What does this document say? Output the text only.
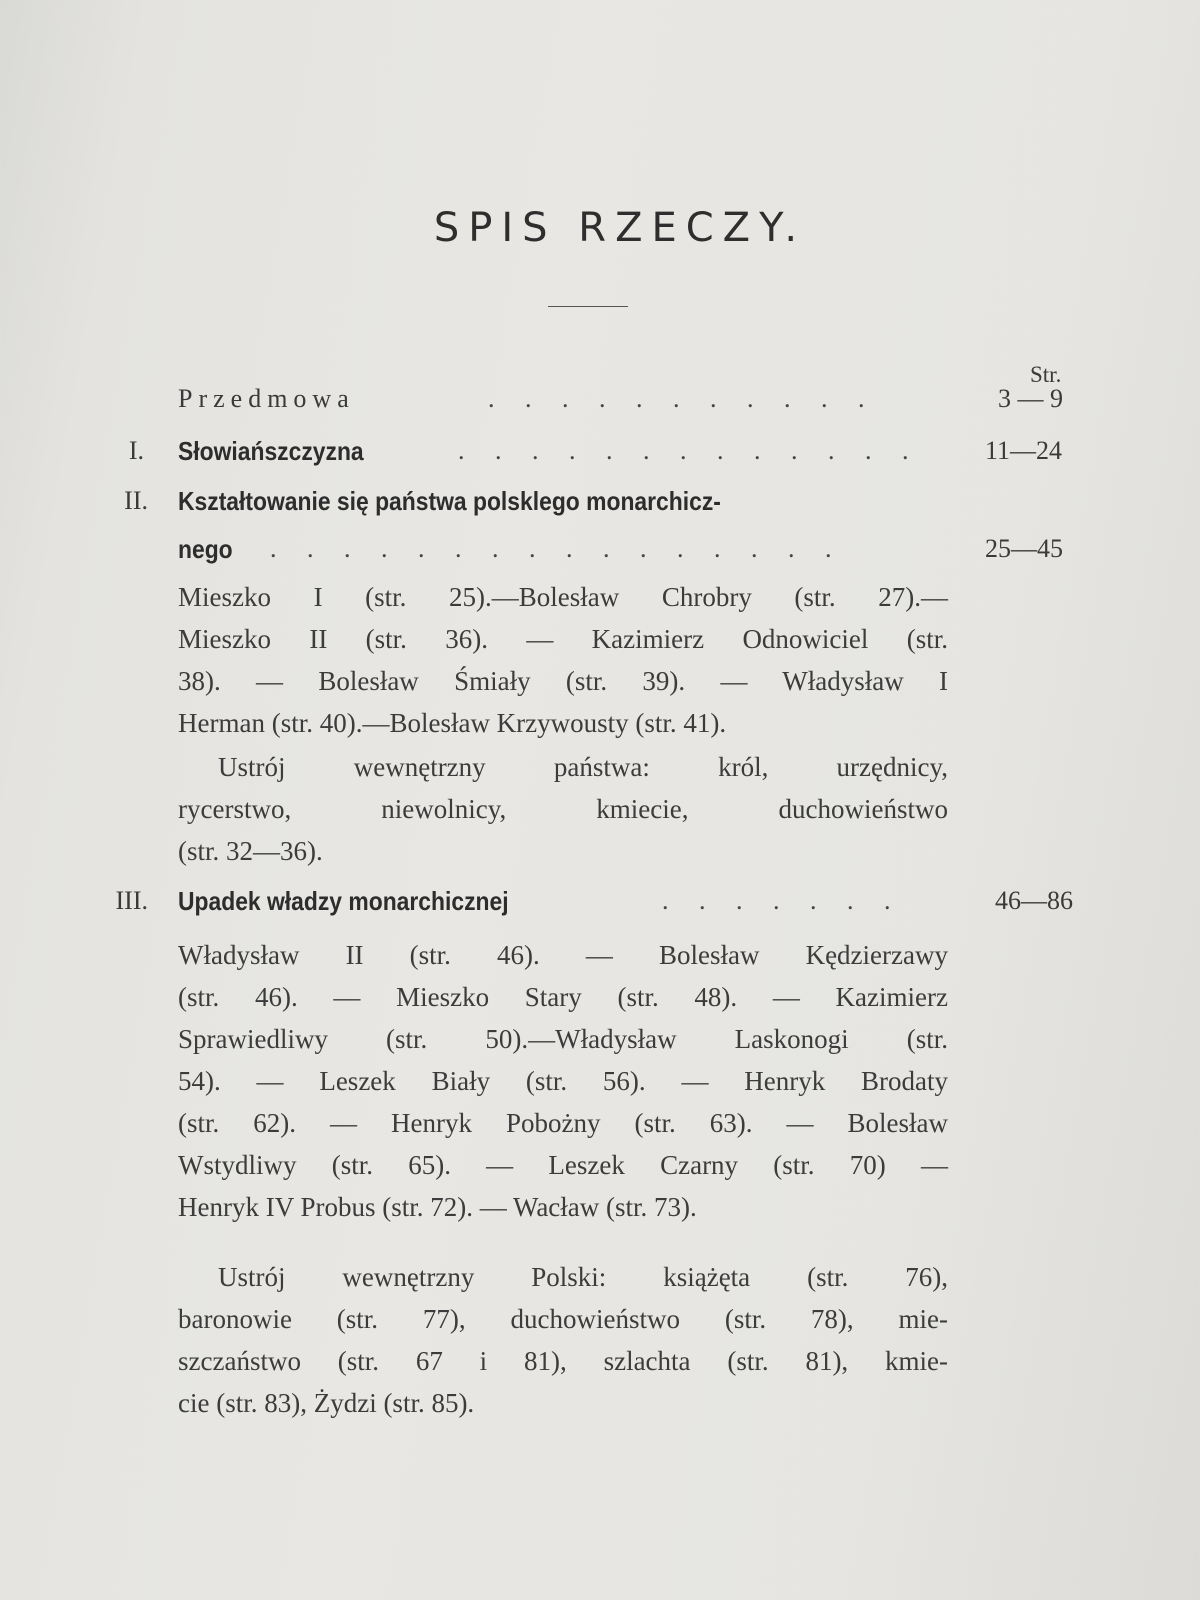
SPIS RZECZY.
Str.
Przedmowa	. . . . . . . . . . .	3 — 9
I. Słowiańszczyzna	. . . . . . . . . . . . . 11—24
II. Kształtowanie się państwa polsklego monarchicz-
nego . . . . . . . . . . . . . . . .	25—45
Mieszko I (str. 25).—Bolesław Chrobry (str. 27).—
Mieszko II (str. 36). — Kazimierz Odnowiciel (str.
38). — Bolesław Śmiały (str. 39). — Władysław I
Herman (str. 40).—Bolesław Krzywousty (str. 41).
Ustrój wewnętrzny państwa: król, urzędnicy,
rycerstwo, niewolnicy, kmiecie, duchowieństwo
(str. 32—36).
III. Upadek władzy monarchicznej	. . . . . . .	46—86
Władysław II (str. 46). — Bolesław Kędzierzawy
(str. 46). — Mieszko Stary (str. 48). — Kazimierz
Sprawiedliwy (str. 50).—Władysław Laskonogi (str.
54). — Leszek Biały (str. 56). — Henryk Brodaty
(str. 62). — Henryk Pobożny (str. 63). — Bolesław
Wstydliwy (str. 65). — Leszek Czarny (str. 70) —
Henryk IV Probus (str. 72). — Wacław (str. 73).
Ustrój wewnętrzny Polski: książęta (str. 76),
baronowie (str. 77), duchowieństwo (str. 78), mie-
szczaństwo (str. 67 i 81), szlachta (str. 81), kmie-
cie (str. 83), Żydzi (str. 85).
